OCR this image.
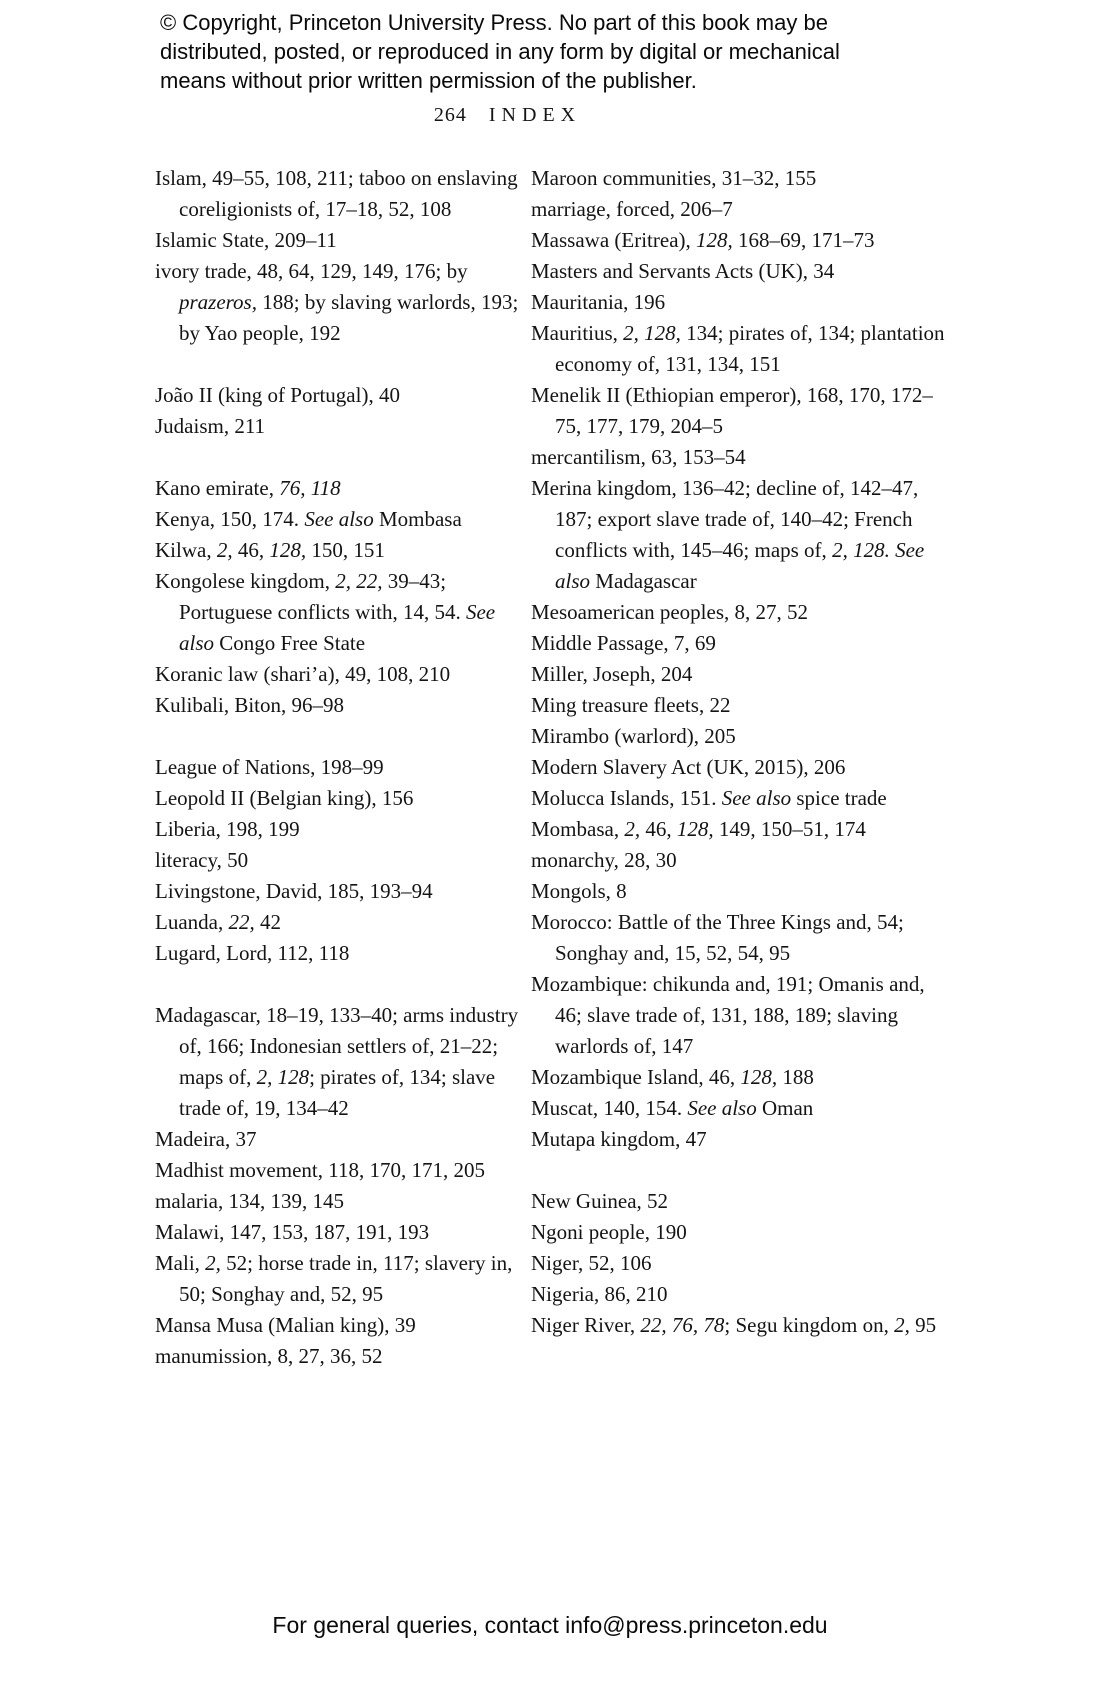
© Copyright, Princeton University Press. No part of this book may be distributed, posted, or reproduced in any form by digital or mechanical means without prior written permission of the publisher.
264 INDEX

Islam, 49–55, 108, 211; taboo on enslaving coreligionists of, 17–18, 52, 108

Islamic State, 209–11

ivory trade, 48, 64, 129, 149, 176; by prazeros, 188; by slaving warlords, 193; by Yao people, 192

João II (king of Portugal), 40

Judaism, 211

Kano emirate, 76, 118

Kenya, 150, 174. See also Mombasa

Kilwa, 2, 46, 128, 150, 151

Kongolese kingdom, 2, 22, 39–43; Portuguese conflicts with, 14, 54. See also Congo Free State

Koranic law (shari’a), 49, 108, 210

Kulibali, Biton, 96–98

League of Nations, 198–99

Leopold II (Belgian king), 156

Liberia, 198, 199

literacy, 50

Livingstone, David, 185, 193–94

Luanda, 22, 42

Lugard, Lord, 112, 118

Madagascar, 18–19, 133–40; arms industry of, 166; Indonesian settlers of, 21–22; maps of, 2, 128; pirates of, 134; slave trade of, 19, 134–42

Madeira, 37

Madhist movement, 118, 170, 171, 205

malaria, 134, 139, 145

Malawi, 147, 153, 187, 191, 193

Mali, 2, 52; horse trade in, 117; slavery in, 50; Songhay and, 52, 95

Mansa Musa (Malian king), 39

manumission, 8, 27, 36, 52

Maroon communities, 31–32, 155

marriage, forced, 206–7

Massawa (Eritrea), 128, 168–69, 171–73

Masters and Servants Acts (UK), 34

Mauritania, 196

Mauritius, 2, 128, 134; pirates of, 134; plantation economy of, 131, 134, 151

Menelik II (Ethiopian emperor), 168, 170, 172–75, 177, 179, 204–5

mercantilism, 63, 153–54

Merina kingdom, 136–42; decline of, 142–47, 187; export slave trade of, 140–42; French conflicts with, 145–46; maps of, 2, 128. See also Madagascar

Mesoamerican peoples, 8, 27, 52

Middle Passage, 7, 69

Miller, Joseph, 204

Ming treasure fleets, 22

Mirambo (warlord), 205

Modern Slavery Act (UK, 2015), 206

Molucca Islands, 151. See also spice trade

Mombasa, 2, 46, 128, 149, 150–51, 174

monarchy, 28, 30

Mongols, 8

Morocco: Battle of the Three Kings and, 54; Songhay and, 15, 52, 54, 95

Mozambique: chikunda and, 191; Omanis and, 46; slave trade of, 131, 188, 189; slaving warlords of, 147

Mozambique Island, 46, 128, 188

Muscat, 140, 154. See also Oman

Mutapa kingdom, 47

New Guinea, 52

Ngoni people, 190

Niger, 52, 106

Nigeria, 86, 210

Niger River, 22, 76, 78; Segu kingdom on, 2, 95

For general queries, contact info@press.princeton.edu
